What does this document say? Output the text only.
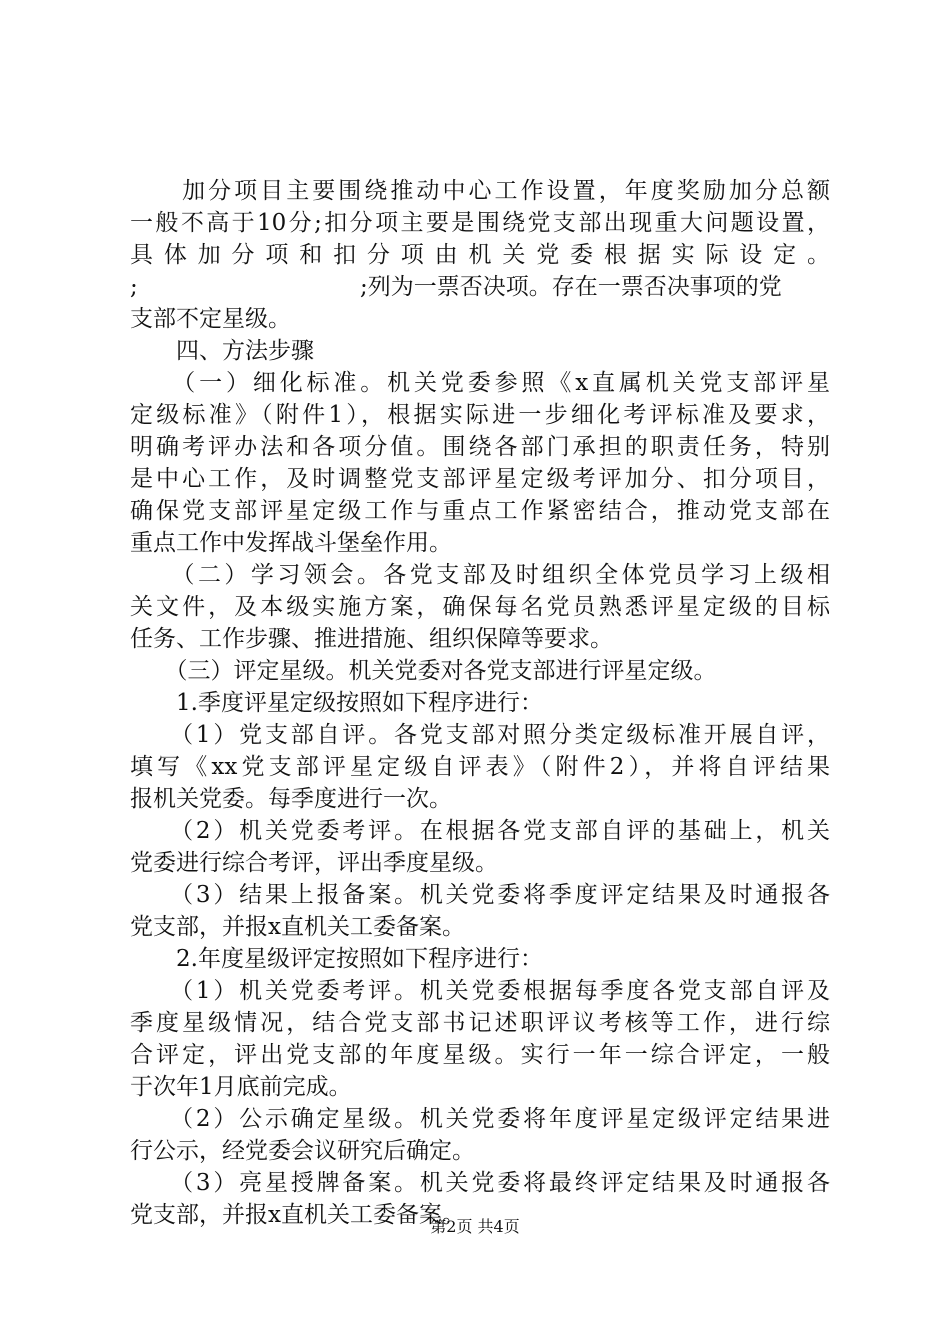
　　加分项目主要围绕推动中心工作设置，年度奖励加分总额
一般不高于10分;扣分项主要是围绕党支部出现重大问题设置，
具 体 加 分 项 和 扣 分 项 由 机 关 党 委 根 据 实 际 设 定 。
;	;列为一票否决项。存在一票否决事项的党
支部不定星级。
　　四、方法步骤
　　（一）细化标准。机关党委参照《x直属机关党支部评星
定级标准》（附件1），根据实际进一步细化考评标准及要求，
明确考评办法和各项分值。围绕各部门承担的职责任务，特别
是中心工作，及时调整党支部评星定级考评加分、扣分项目，
确保党支部评星定级工作与重点工作紧密结合，推动党支部在
重点工作中发挥战斗堡垒作用。
　　（二）学习领会。各党支部及时组织全体党员学习上级相
关文件，及本级实施方案，确保每名党员熟悉评星定级的目标
任务、工作步骤、推进措施、组织保障等要求。
　　（三）评定星级。机关党委对各党支部进行评星定级。
　　1.季度评星定级按照如下程序进行：
　　（1）党支部自评。各党支部对照分类定级标准开展自评，
填写《xx党支部评星定级自评表》（附件2），并将自评结果
报机关党委。每季度进行一次。
　　（2）机关党委考评。在根据各党支部自评的基础上，机关
党委进行综合考评，评出季度星级。
　　（3）结果上报备案。机关党委将季度评定结果及时通报各
党支部，并报x直机关工委备案。
　　2.年度星级评定按照如下程序进行：
　　（1）机关党委考评。机关党委根据每季度各党支部自评及
季度星级情况，结合党支部书记述职评议考核等工作，进行综
合评定，评出党支部的年度星级。实行一年一综合评定，一般
于次年1月底前完成。
　　（2）公示确定星级。机关党委将年度评星定级评定结果进
行公示，经党委会议研究后确定。
　　（3）亮星授牌备案。机关党委将最终评定结果及时通报各
党支部，并报x直机关工委备案。
第2页 共4页
